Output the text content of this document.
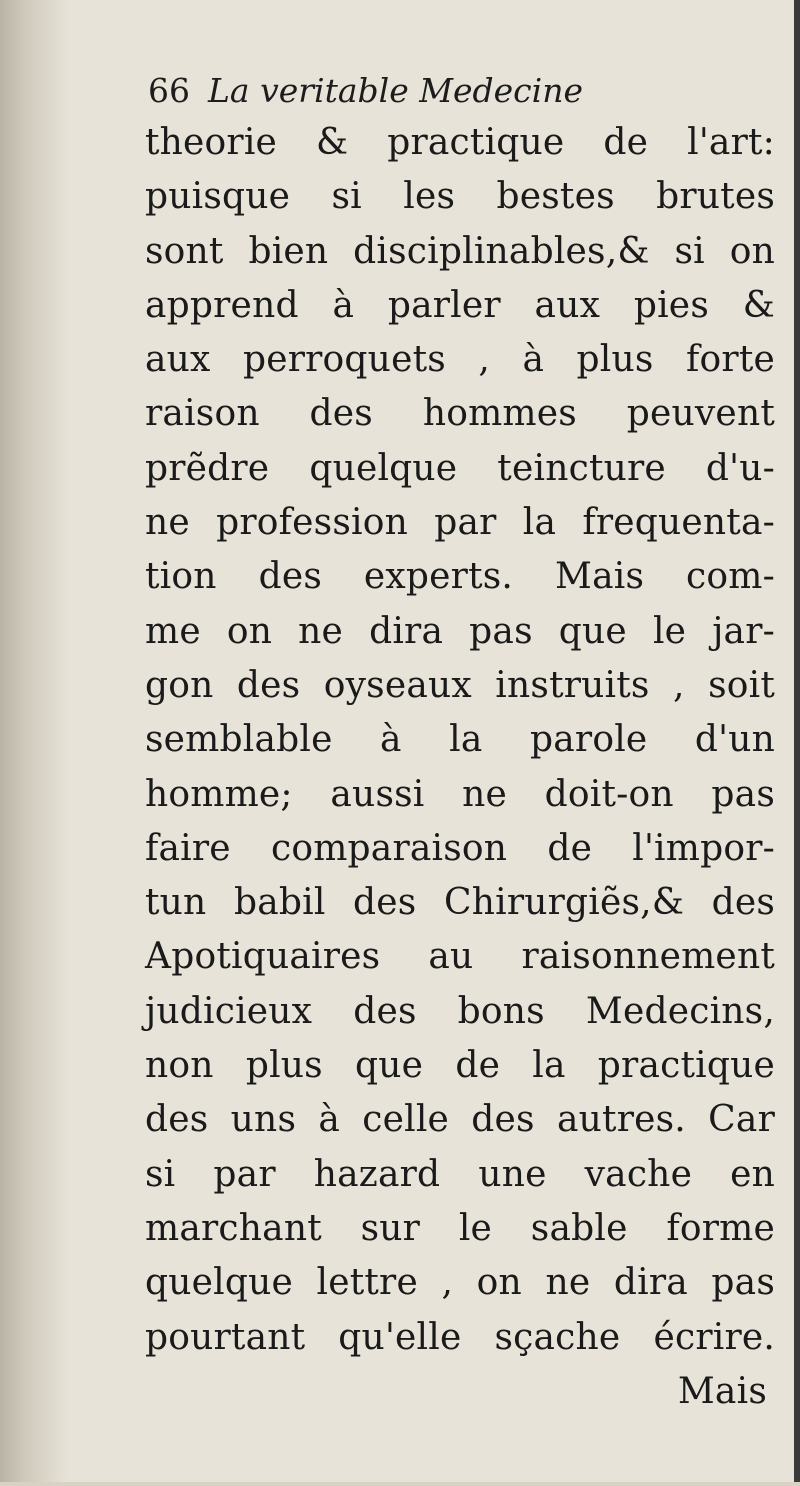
66 La veritable Medecine
theorie & practique de l'art:
puisque si les bestes brutes
sont bien disciplinables,& si on
apprend à parler aux pies &
aux perroquets , à plus forte
raison des hommes peuvent
prẽdre quelque teincture d'u-
ne profession par la frequenta-
tion des experts. Mais com-
me on ne dira pas que le jar-
gon des oyseaux instruits , soit
semblable à la parole d'un
homme; aussi ne doit-on pas
faire comparaison de l'impor-
tun babil des Chirurgiẽs,& des
Apotiquaires au raisonnement
judicieux des bons Medecins,
non plus que de la practique
des uns à celle des autres. Car
si par hazard une vache en
marchant sur le sable forme
quelque lettre , on ne dira pas
pourtant qu'elle sçache écrire.
Mais
